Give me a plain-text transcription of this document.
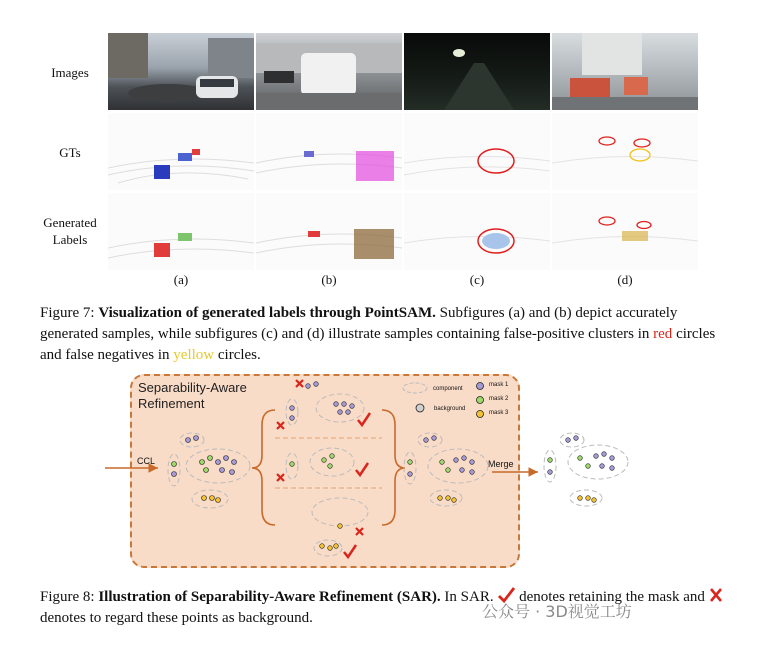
Images
GTs
Generated Labels
(a)	(b)	(c)	(d)
Figure 7: Visualization of generated labels through PointSAM. Subfigures (a) and (b) depict accurately generated samples, while subfigures (c) and (d) illustrate samples containing false-positive clusters in red circles and false negatives in yellow circles.
Separability-Aware
Refinement
CCL	Merge
component
background
mask 1
mask 2
mask 3
Figure 8: Illustration of Separability-Aware Refinement (SAR). In SAR. denotes retaining the mask and  denotes to regard these points as background.	公众号 · 3D视觉工坊
